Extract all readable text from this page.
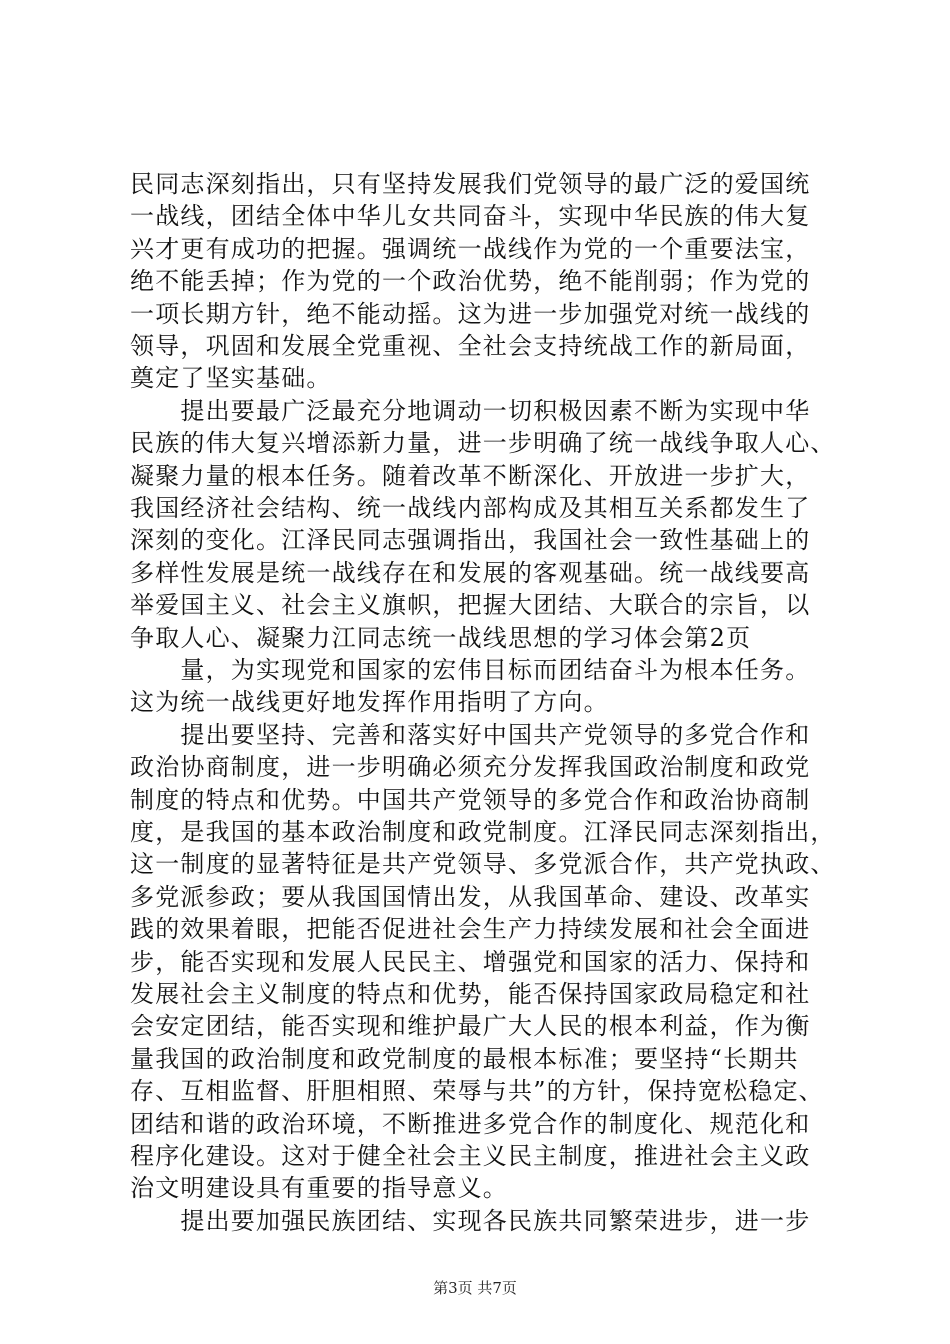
民同志深刻指出，只有坚持发展我们党领导的最广泛的爱国统
一战线，团结全体中华儿女共同奋斗，实现中华民族的伟大复
兴才更有成功的把握。强调统一战线作为党的一个重要法宝，
绝不能丢掉；作为党的一个政治优势，绝不能削弱；作为党的
一项长期方针，绝不能动摇。这为进一步加强党对统一战线的
领导，巩固和发展全党重视、全社会支持统战工作的新局面，
奠定了坚实基础。
　　提出要最广泛最充分地调动一切积极因素不断为实现中华
民族的伟大复兴增添新力量，进一步明确了统一战线争取人心、
凝聚力量的根本任务。随着改革不断深化、开放进一步扩大，
我国经济社会结构、统一战线内部构成及其相互关系都发生了
深刻的变化。江泽民同志强调指出，我国社会一致性基础上的
多样性发展是统一战线存在和发展的客观基础。统一战线要高
举爱国主义、社会主义旗帜，把握大团结、大联合的宗旨，以
争取人心、凝聚力江同志统一战线思想的学习体会第2页
　　量，为实现党和国家的宏伟目标而团结奋斗为根本任务。
这为统一战线更好地发挥作用指明了方向。
　　提出要坚持、完善和落实好中国共产党领导的多党合作和
政治协商制度，进一步明确必须充分发挥我国政治制度和政党
制度的特点和优势。中国共产党领导的多党合作和政治协商制
度，是我国的基本政治制度和政党制度。江泽民同志深刻指出，
这一制度的显著特征是共产党领导、多党派合作，共产党执政、
多党派参政；要从我国国情出发，从我国革命、建设、改革实
践的效果着眼，把能否促进社会生产力持续发展和社会全面进
步，能否实现和发展人民民主、增强党和国家的活力、保持和
发展社会主义制度的特点和优势，能否保持国家政局稳定和社
会安定团结，能否实现和维护最广大人民的根本利益，作为衡
量我国的政治制度和政党制度的最根本标准；要坚持“长期共
存、互相监督、肝胆相照、荣辱与共”的方针，保持宽松稳定、
团结和谐的政治环境，不断推进多党合作的制度化、规范化和
程序化建设。这对于健全社会主义民主制度，推进社会主义政
治文明建设具有重要的指导意义。
　　提出要加强民族团结、实现各民族共同繁荣进步，进一步
第3页 共7页
